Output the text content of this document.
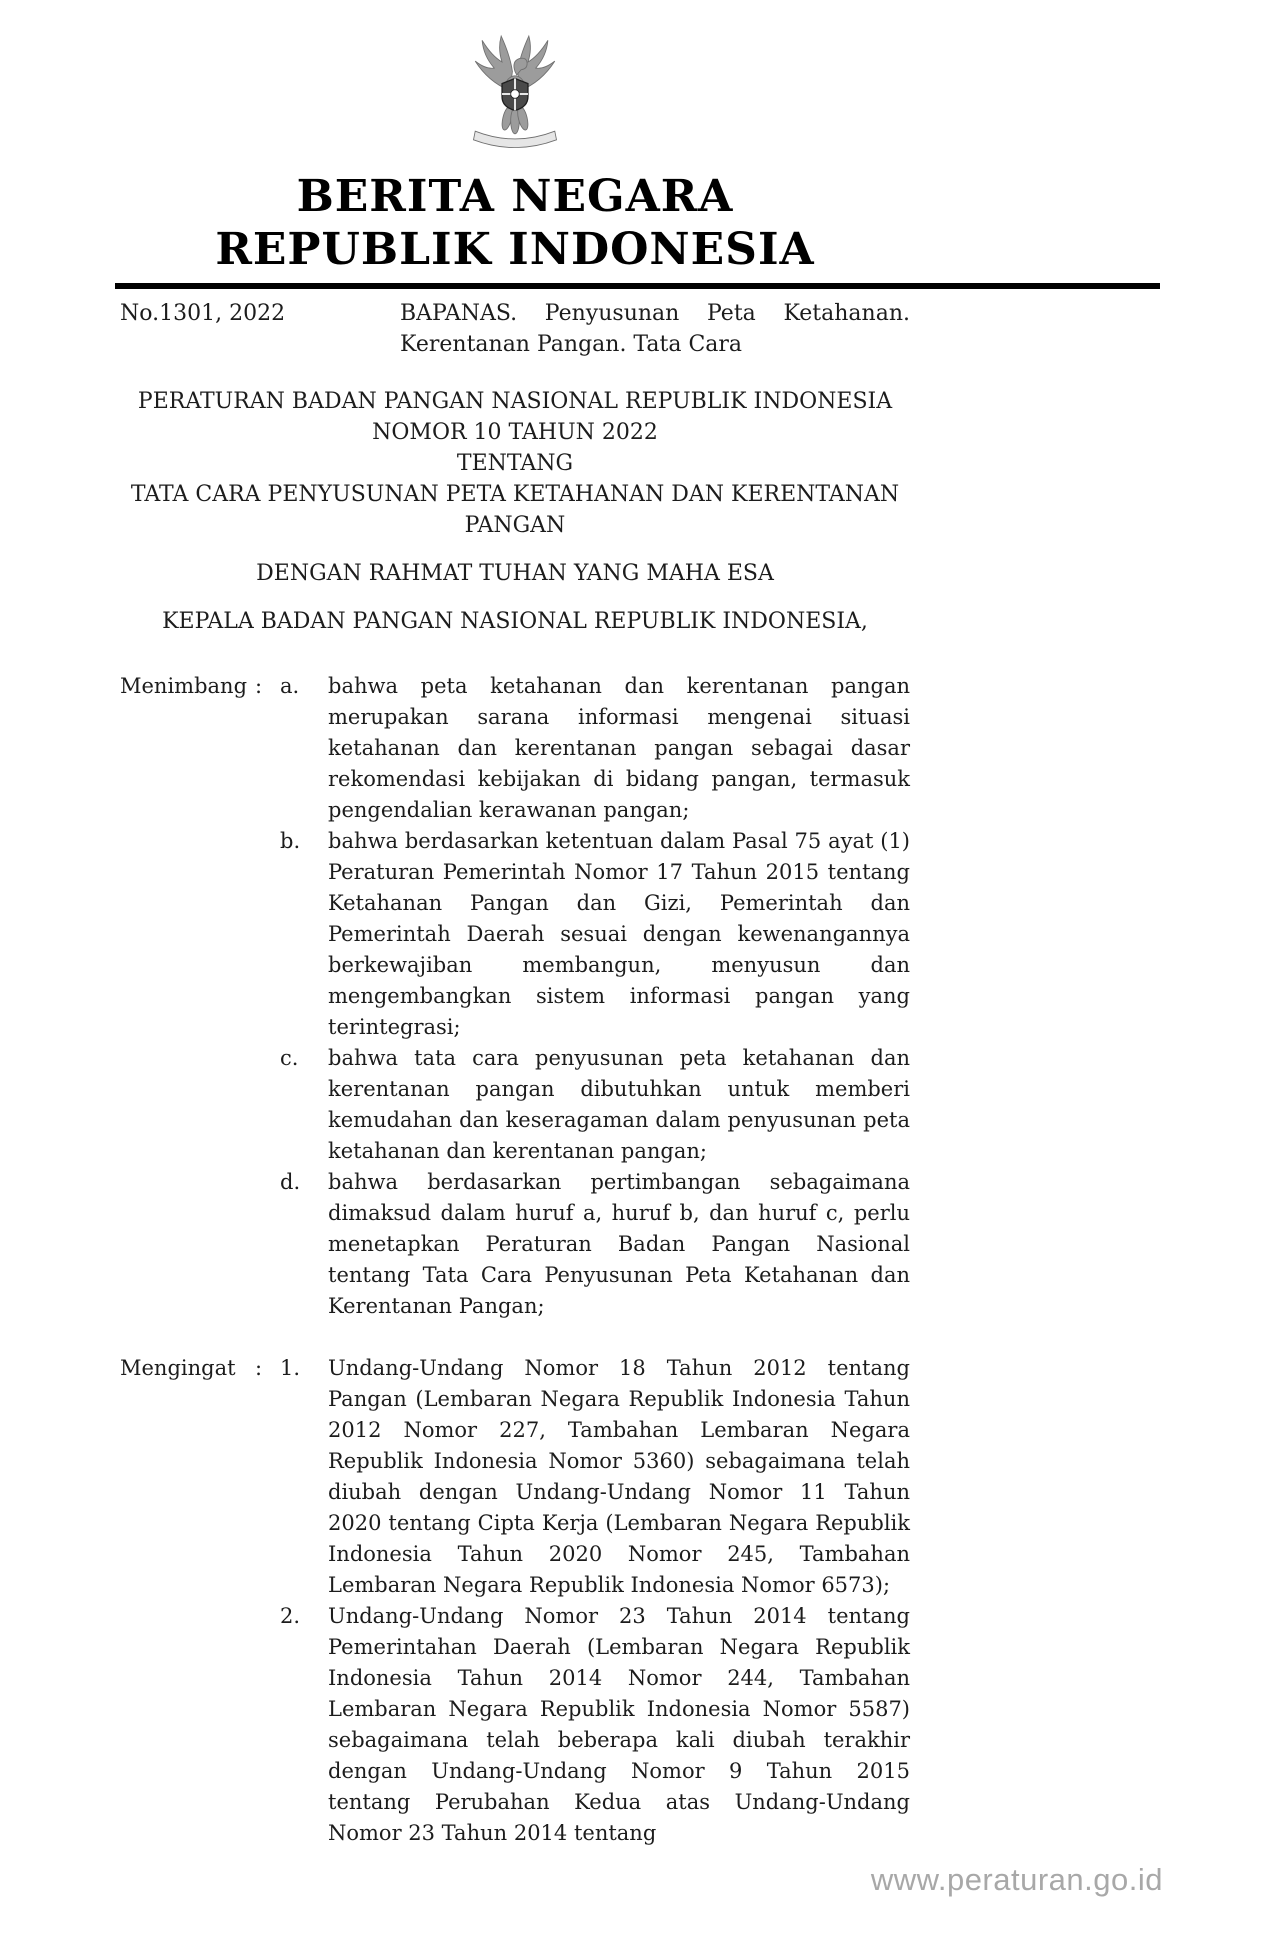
BERITA NEGARA
REPUBLIK INDONESIA
No.1301, 2022	BAPANAS. Penyusunan Peta Ketahanan.
Kerentanan Pangan. Tata Cara
PERATURAN BADAN PANGAN NASIONAL REPUBLIK INDONESIA
NOMOR 10 TAHUN 2022
TENTANG
TATA CARA PENYUSUNAN PETA KETAHANAN DAN KERENTANAN PANGAN
DENGAN RAHMAT TUHAN YANG MAHA ESA
KEPALA BADAN PANGAN NASIONAL REPUBLIK INDONESIA,
Menimbang : a.	bahwa peta ketahanan dan kerentanan pangan merupakan sarana informasi mengenai situasi ketahanan dan kerentanan pangan sebagai dasar rekomendasi kebijakan di bidang pangan, termasuk pengendalian kerawanan pangan;
b.	bahwa berdasarkan ketentuan dalam Pasal 75 ayat (1) Peraturan Pemerintah Nomor 17 Tahun 2015 tentang Ketahanan Pangan dan Gizi, Pemerintah dan Pemerintah Daerah sesuai dengan kewenangannya berkewajiban membangun, menyusun dan mengembangkan sistem informasi pangan yang terintegrasi;
c.	bahwa tata cara penyusunan peta ketahanan dan kerentanan pangan dibutuhkan untuk memberi kemudahan dan keseragaman dalam penyusunan peta ketahanan dan kerentanan pangan;
d.	bahwa berdasarkan pertimbangan sebagaimana dimaksud dalam huruf a, huruf b, dan huruf c, perlu menetapkan Peraturan Badan Pangan Nasional tentang Tata Cara Penyusunan Peta Ketahanan dan Kerentanan Pangan;
Mengingat : 1.	Undang-Undang Nomor 18 Tahun 2012 tentang Pangan (Lembaran Negara Republik Indonesia Tahun 2012 Nomor 227, Tambahan Lembaran Negara Republik Indonesia Nomor 5360) sebagaimana telah diubah dengan Undang-Undang Nomor 11 Tahun 2020 tentang Cipta Kerja (Lembaran Negara Republik Indonesia Tahun 2020 Nomor 245, Tambahan Lembaran Negara Republik Indonesia Nomor 6573);
2.	Undang-Undang Nomor 23 Tahun 2014 tentang Pemerintahan Daerah (Lembaran Negara Republik Indonesia Tahun 2014 Nomor 244, Tambahan Lembaran Negara Republik Indonesia Nomor 5587) sebagaimana telah beberapa kali diubah terakhir dengan Undang-Undang Nomor 9 Tahun 2015 tentang Perubahan Kedua atas Undang-Undang Nomor 23 Tahun 2014 tentang
www.peraturan.go.id
